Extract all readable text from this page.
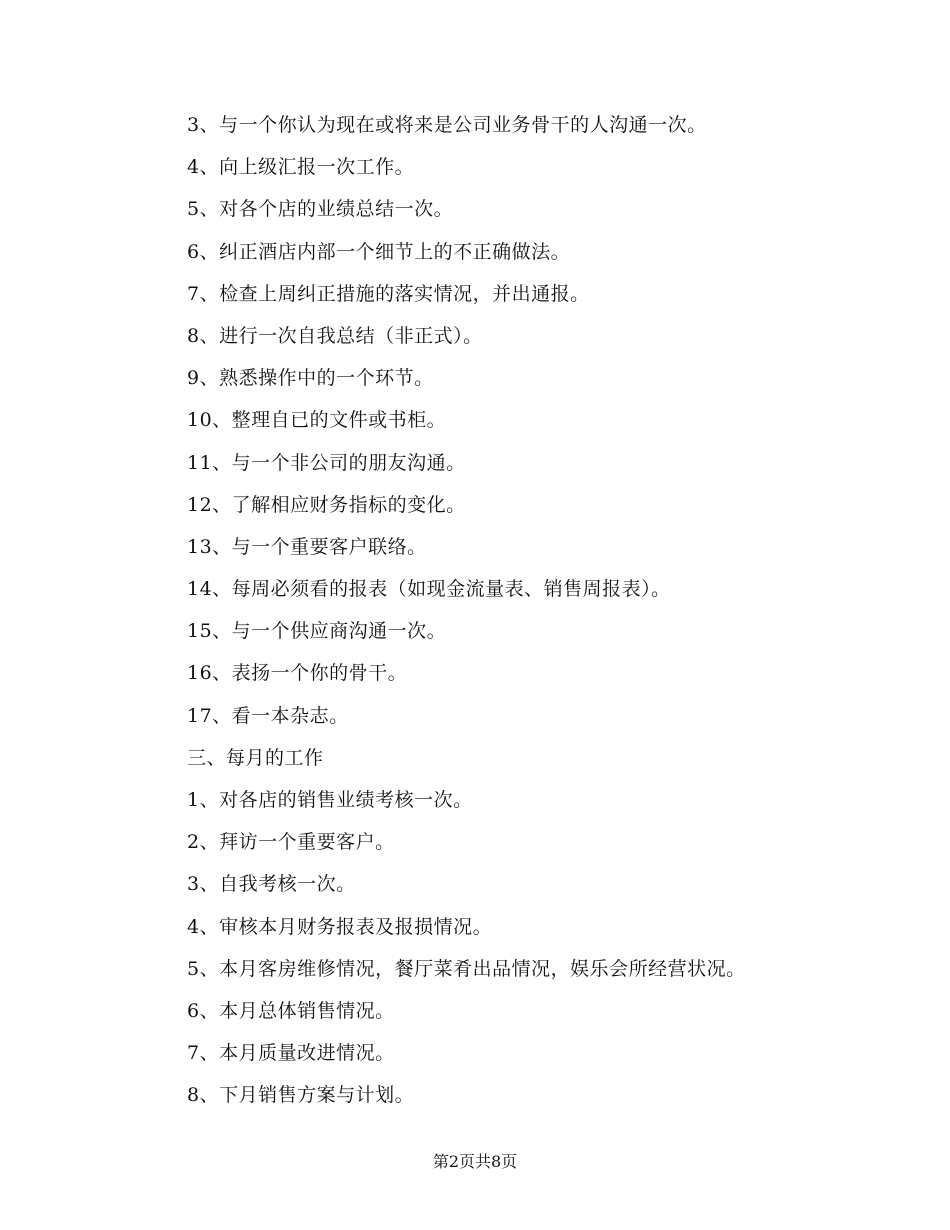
3、与一个你认为现在或将来是公司业务骨干的人沟通一次。
4、向上级汇报一次工作。
5、对各个店的业绩总结一次。
6、纠正酒店内部一个细节上的不正确做法。
7、检查上周纠正措施的落实情况，并出通报。
8、进行一次自我总结（非正式）。
9、熟悉操作中的一个环节。
10、整理自已的文件或书柜。
11、与一个非公司的朋友沟通。
12、了解相应财务指标的变化。
13、与一个重要客户联络。
14、每周必须看的报表（如现金流量表、销售周报表）。
15、与一个供应商沟通一次。
16、表扬一个你的骨干。
17、看一本杂志。
三、每月的工作
1、对各店的销售业绩考核一次。
2、拜访一个重要客户。
3、自我考核一次。
4、审核本月财务报表及报损情况。
5、本月客房维修情况，餐厅菜肴出品情况，娱乐会所经营状况。
6、本月总体销售情况。
7、本月质量改进情况。
8、下月销售方案与计划。
第2页共8页
